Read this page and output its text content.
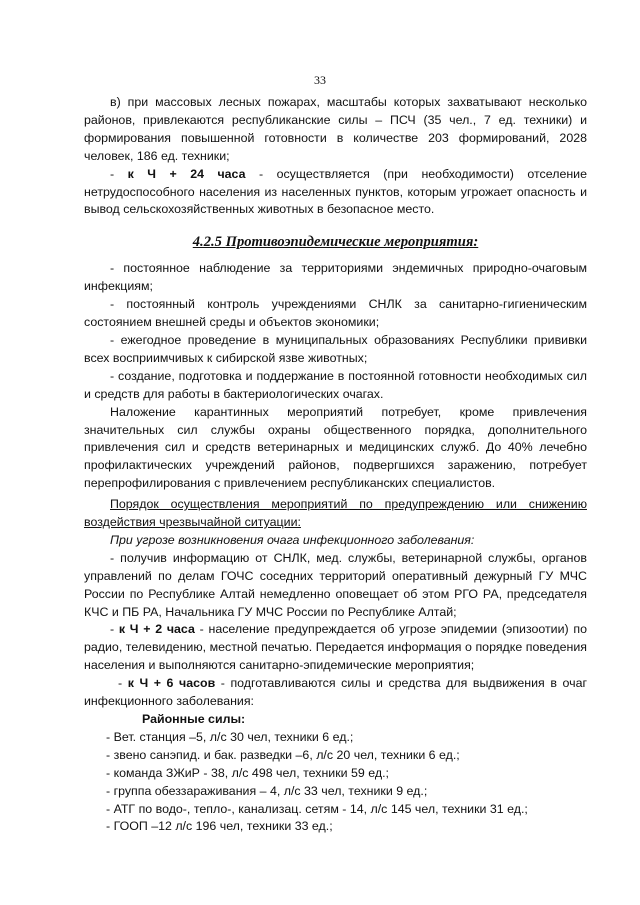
33

в) при массовых лесных пожарах, масштабы которых захватывают несколько районов, привлекаются республиканские силы – ПСЧ (35 чел., 7 ед. техники) и формирования повышенной готовности в количестве 203 формирований, 2028 человек, 186 ед. техники;

- к Ч + 24 часа - осуществляется (при необходимости) отселение нетрудоспособного населения из населенных пунктов, которым угрожает опасность и вывод сельскохозяйственных животных в безопасное место.

4.2.5 Противоэпидемические мероприятия:

- постоянное наблюдение за территориями эндемичных природно-очаговым инфекциям;

- постоянный контроль учреждениями СНЛК за санитарно-гигиеническим состоянием внешней среды и объектов экономики;

- ежегодное проведение в муниципальных образованиях Республики прививки всех восприимчивых к сибирской язве животных;

- создание, подготовка и поддержание в постоянной готовности необходимых сил и средств для работы в бактериологических очагах.

Наложение карантинных мероприятий потребует, кроме привлечения значительных сил службы охраны общественного порядка, дополнительного привлечения сил и средств ветеринарных и медицинских служб. До 40% лечебно профилактических учреждений районов, подвергшихся заражению, потребует перепрофилирования с привлечением республиканских специалистов.

Порядок осуществления мероприятий по предупреждению или снижению воздействия чрезвычайной ситуации:

При угрозе возникновения очага инфекционного заболевания:

- получив информацию от СНЛК, мед. службы, ветеринарной службы, органов управлений по делам ГОЧС соседних территорий оперативный дежурный ГУ МЧС России по Республике Алтай немедленно оповещает об этом РГО РА, председателя КЧС и ПБ РА, Начальника ГУ МЧС России по Республике Алтай;

- к Ч + 2 часа - население предупреждается об угрозе эпидемии (эпизоотии) по радио, телевидению, местной печатью. Передается информация о порядке поведения населения и выполняются санитарно-эпидемические мероприятия;

- к Ч + 6 часов - подготавливаются силы и средства для выдвижения в очаг инфекционного заболевания:

Районные силы:

- Вет. станция –5, л/с 30 чел, техники 6 ед.;

- звено санэпид. и бак. разведки –6, л/с 20 чел, техники 6 ед.;

- команда ЗЖиР - 38, л/с 498 чел, техники 59 ед.;

- группа обеззараживания – 4, л/с 33 чел, техники 9 ед.;

- АТГ по водо-, тепло-, канализац. сетям - 14, л/с 145 чел, техники 31 ед.;

- ГООП –12 л/с 196 чел, техники 33 ед.;
